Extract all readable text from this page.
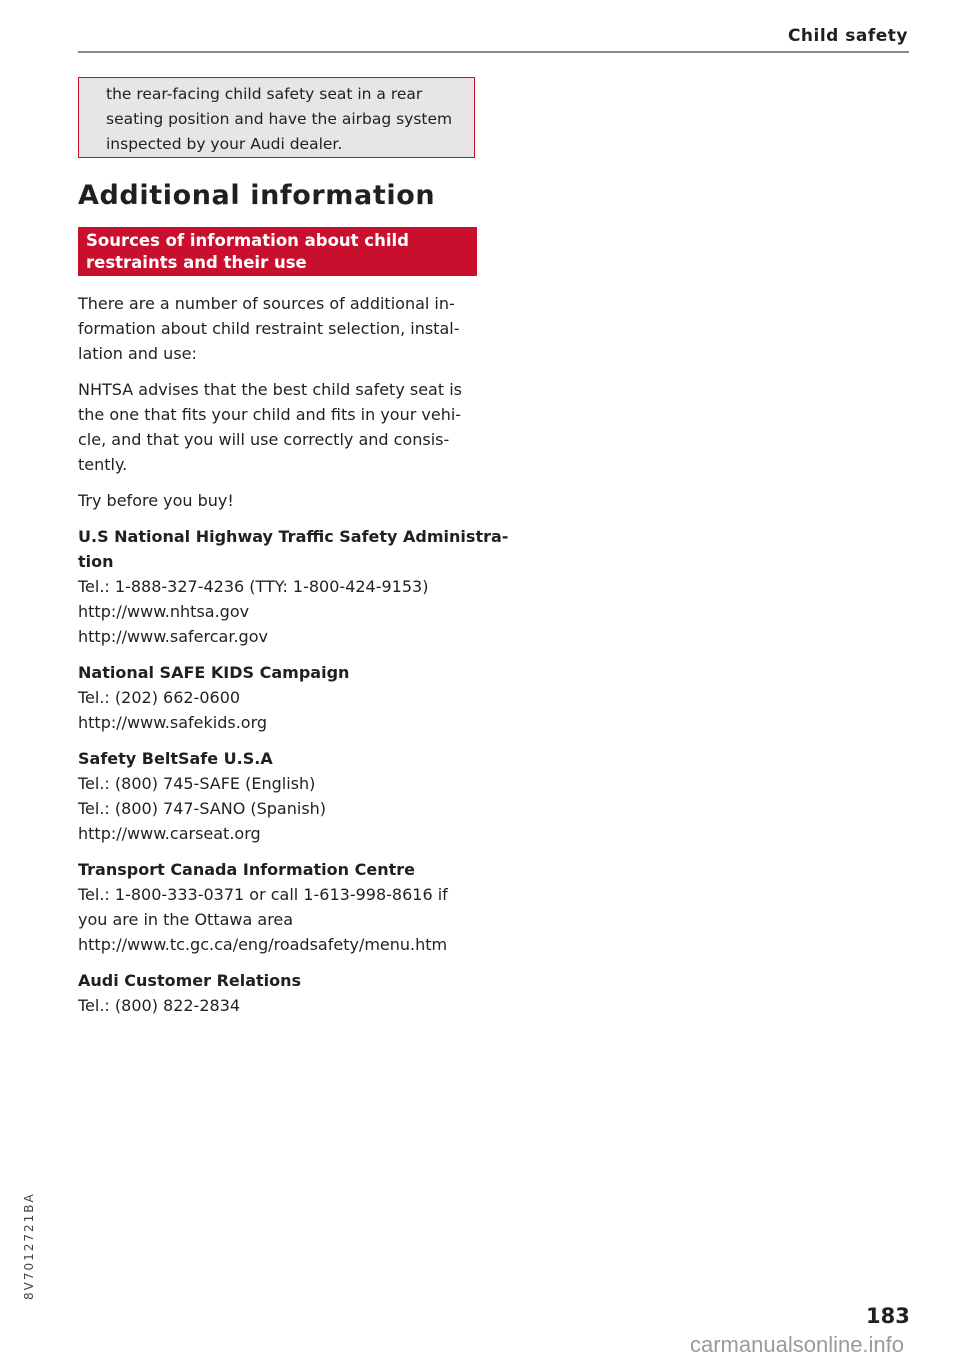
Child safety
the rear-facing child safety seat in a rear
seating position and have the airbag system
inspected by your Audi dealer.
Additional information
Sources of information about child
restraints and their use
There are a number of sources of additional in-
formation about child restraint selection, instal-
lation and use:
NHTSA advises that the best child safety seat is
the one that fits your child and fits in your vehi-
cle, and that you will use correctly and consis-
tently.
Try before you buy!
U.S National Highway Traffic Safety Administra-
tion
Tel.: 1-888-327-4236 (TTY: 1-800-424-9153)
http://www.nhtsa.gov
http://www.safercar.gov
National SAFE KIDS Campaign
Tel.: (202) 662-0600
http://www.safekids.org
Safety BeltSafe U.S.A
Tel.: (800) 745-SAFE (English)
Tel.: (800) 747-SANO (Spanish)
http://www.carseat.org
Transport Canada Information Centre
Tel.: 1-800-333-0371 or call 1-613-998-8616 if
you are in the Ottawa area
http://www.tc.gc.ca/eng/roadsafety/menu.htm
Audi Customer Relations
Tel.: (800) 822-2834
8V7012721BA
183
carmanualsonline.info
